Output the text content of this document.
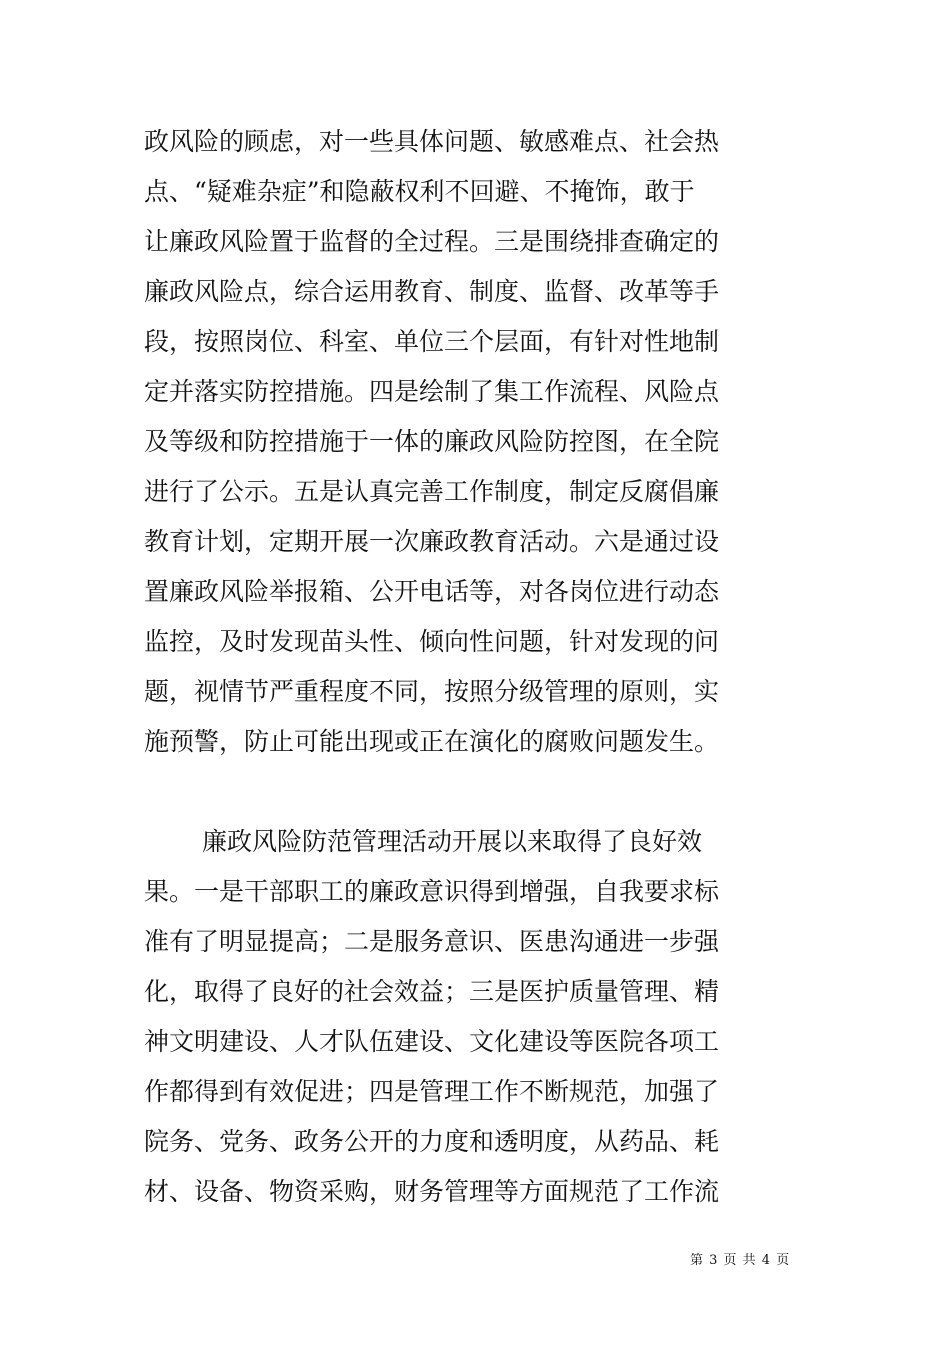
政风险的顾虑，对一些具体问题、敏感难点、社会热
点、“疑难杂症”和隐蔽权利不回避、不掩饰，敢于
让廉政风险置于监督的全过程。三是围绕排查确定的
廉政风险点，综合运用教育、制度、监督、改革等手
段，按照岗位、科室、单位三个层面，有针对性地制
定并落实防控措施。四是绘制了集工作流程、风险点
及等级和防控措施于一体的廉政风险防控图，在全院
进行了公示。五是认真完善工作制度，制定反腐倡廉
教育计划，定期开展一次廉政教育活动。六是通过设
置廉政风险举报箱、公开电话等，对各岗位进行动态
监控，及时发现苗头性、倾向性问题，针对发现的问
题，视情节严重程度不同，按照分级管理的原则，实
施预警，防止可能出现或正在演化的腐败问题发生。
廉政风险防范管理活动开展以来取得了良好效
果。一是干部职工的廉政意识得到增强，自我要求标
准有了明显提高；二是服务意识、医患沟通进一步强
化，取得了良好的社会效益；三是医护质量管理、精
神文明建设、人才队伍建设、文化建设等医院各项工
作都得到有效促进；四是管理工作不断规范，加强了
院务、党务、政务公开的力度和透明度，从药品、耗
材、设备、物资采购，财务管理等方面规范了工作流
第 3 页 共 4 页
